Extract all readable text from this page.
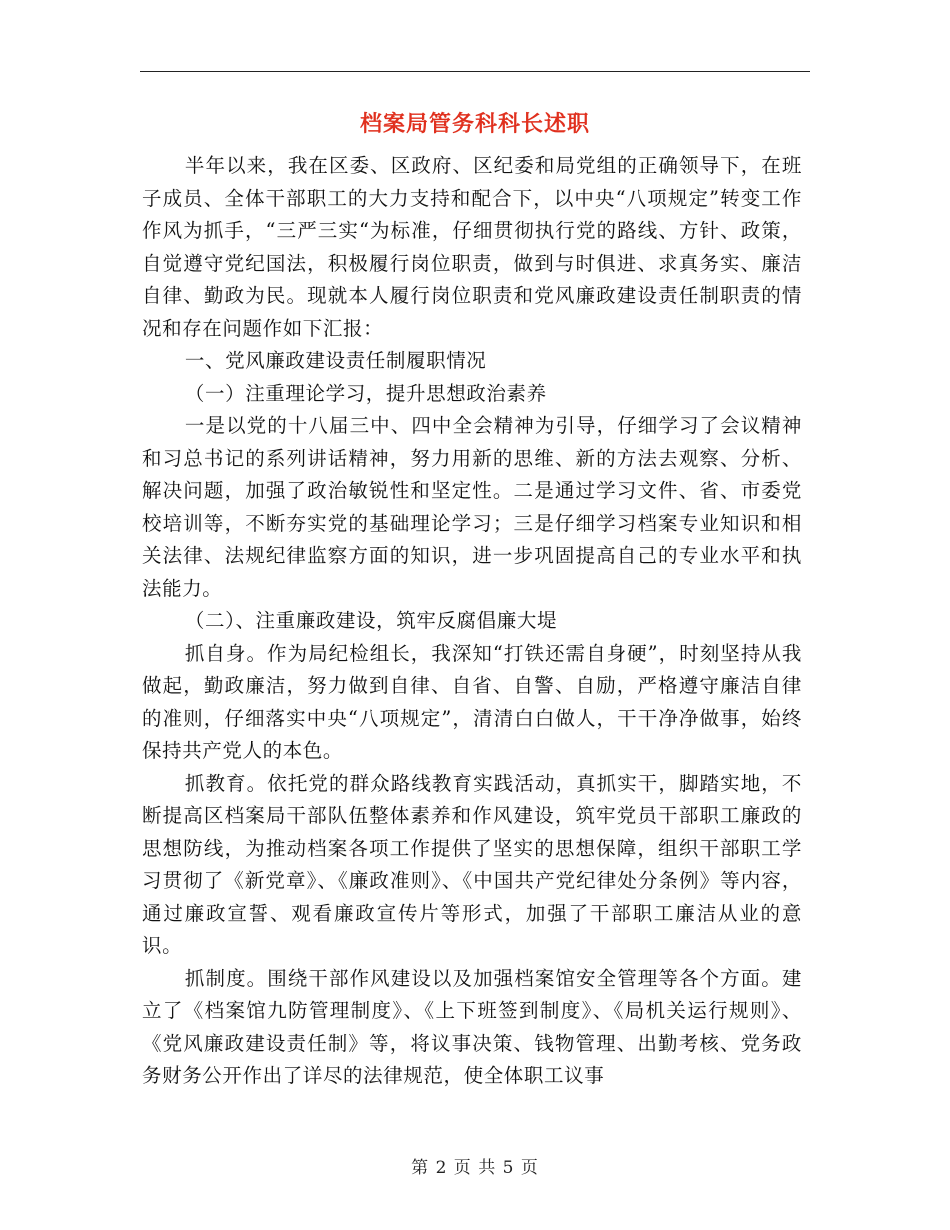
档案局管务科科长述职

半年以来，我在区委、区政府、区纪委和局党组的正确领导下，在班子成员、全体干部职工的大力支持和配合下，以中央“八项规定”转变工作作风为抓手，“三严三实“为标准，仔细贯彻执行党的路线、方针、政策，自觉遵守党纪国法，积极履行岗位职责，做到与时俱进、求真务实、廉洁自律、勤政为民。现就本人履行岗位职责和党风廉政建设责任制职责的情况和存在问题作如下汇报：

一、党风廉政建设责任制履职情况

（一）注重理论学习，提升思想政治素养

一是以党的十八届三中、四中全会精神为引导，仔细学习了会议精神和习总书记的系列讲话精神，努力用新的思维、新的方法去观察、分析、解决问题，加强了政治敏锐性和坚定性。二是通过学习文件、省、市委党校培训等，不断夯实党的基础理论学习；三是仔细学习档案专业知识和相关法律、法规纪律监察方面的知识，进一步巩固提高自己的专业水平和执法能力。

（二）、注重廉政建设，筑牢反腐倡廉大堤

抓自身。作为局纪检组长，我深知“打铁还需自身硬”，时刻坚持从我做起，勤政廉洁，努力做到自律、自省、自警、自励，严格遵守廉洁自律的准则，仔细落实中央“八项规定”，清清白白做人，干干净净做事，始终保持共产党人的本色。

抓教育。依托党的群众路线教育实践活动，真抓实干，脚踏实地，不断提高区档案局干部队伍整体素养和作风建设，筑牢党员干部职工廉政的思想防线，为推动档案各项工作提供了坚实的思想保障，组织干部职工学习贯彻了《新党章》、《廉政准则》、《中国共产党纪律处分条例》等内容，通过廉政宣誓、观看廉政宣传片等形式，加强了干部职工廉洁从业的意识。

抓制度。围绕干部作风建设以及加强档案馆安全管理等各个方面。建立了《档案馆九防管理制度》、《上下班签到制度》、《局机关运行规则》、《党风廉政建设责任制》等，将议事决策、钱物管理、出勤考核、党务政务财务公开作出了详尽的法律规范，使全体职工议事

第 2 页 共 5 页
